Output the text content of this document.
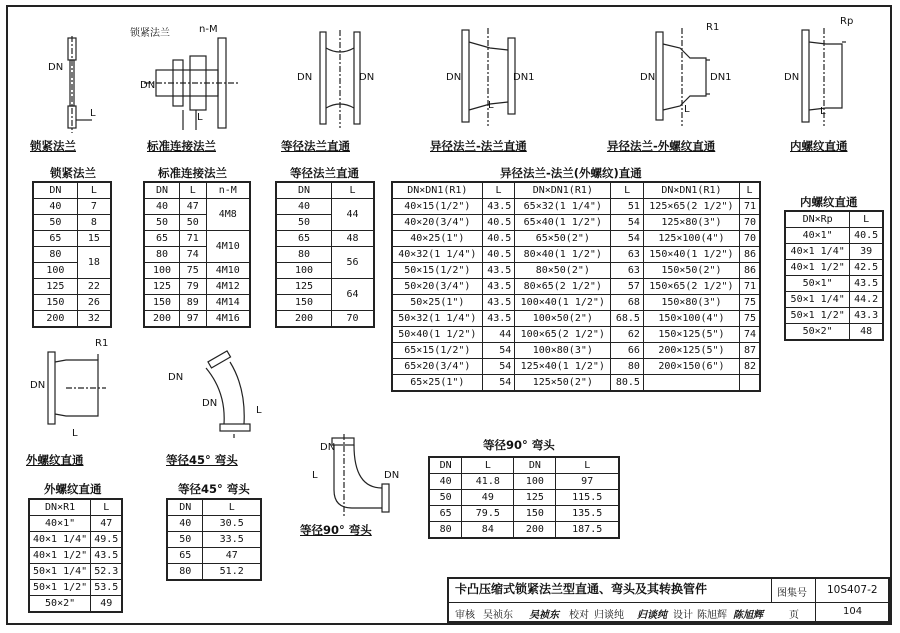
DN
L
锁紧法兰
锁紧法兰	n-M
DN
L
标准连接法兰
DN	DN
等径法兰直通
DN	DN1
L
异径法兰-法兰直通
R1
DN	DN1
L
异径法兰-外螺纹直通
Rp
DN
L
内螺纹直通
锁紧法兰
DN	L
40	7
50	8
65	15
80	18
100	
125	22
150	26
200	32
标准连接法兰
DN	L	n-M
40	47	4M8
50	50	
65	71	4M10
80	74	
100	75	4M10
125	79	4M12
150	89	4M14
200	97	4M16
等径法兰直通
DN	L
40	44
50	
65	48
80	56
100	
125	64
150	
200	70
异径法兰-法兰(外螺纹)直通
DN×DN1(R1)	L	DN×DN1(R1)	L	DN×DN1(R1)	L
40×15(1/2")	43.5	65×32(1 1/4")	51	125×65(2 1/2")	71
40×20(3/4")	40.5	65×40(1 1/2")	54	125×80(3")	70
40×25(1")	40.5	65×50(2")	54	125×100(4")	70
40×32(1 1/4")	40.5	80×40(1 1/2")	63	150×40(1 1/2")	86
50×15(1/2")	43.5	80×50(2")	63	150×50(2")	86
50×20(3/4")	43.5	80×65(2 1/2")	57	150×65(2 1/2")	71
50×25(1")	43.5	100×40(1 1/2")	68	150×80(3")	75
50×32(1 1/4")	43.5	100×50(2")	68.5	150×100(4")	75
50×40(1 1/2")	44	100×65(2 1/2")	62	150×125(5")	74
65×15(1/2")	54	100×80(3")	66	200×125(5")	87
65×20(3/4")	54	125×40(1 1/2")	80	200×150(6")	82
65×25(1")	54	125×50(2")	80.5		
内螺纹直通
DN×Rp	L
40×1"	40.5
40×1 1/4"	39
40×1 1/2"	42.5
50×1"	43.5
50×1 1/4"	44.2
50×1 1/2"	43.3
50×2"	48
R1
DN
L
外螺纹直通
DN
DN
L
等径45° 弯头
外螺纹直通
DN×R1	L
40×1"	47
40×1 1/4"	49.5
40×1 1/2"	43.5
50×1 1/4"	52.3
50×1 1/2"	53.5
50×2"	49
等径45° 弯头
DN	L
40	30.5
50	33.5
65	47
80	51.2
DN
DN
L
等径90° 弯头
等径90° 弯头
DN	L	DN	L
40	41.8	100	97
50	49	125	115.5
65	79.5	150	135.5
80	84	200	187.5
卡凸压缩式锁紧法兰型直通、弯头及其转换管件	图集号 10S407-2
审核 吴祯东 吴祯东 校对 归谈纯 归谈纯 设计 陈旭辉 陈旭辉	页	104
